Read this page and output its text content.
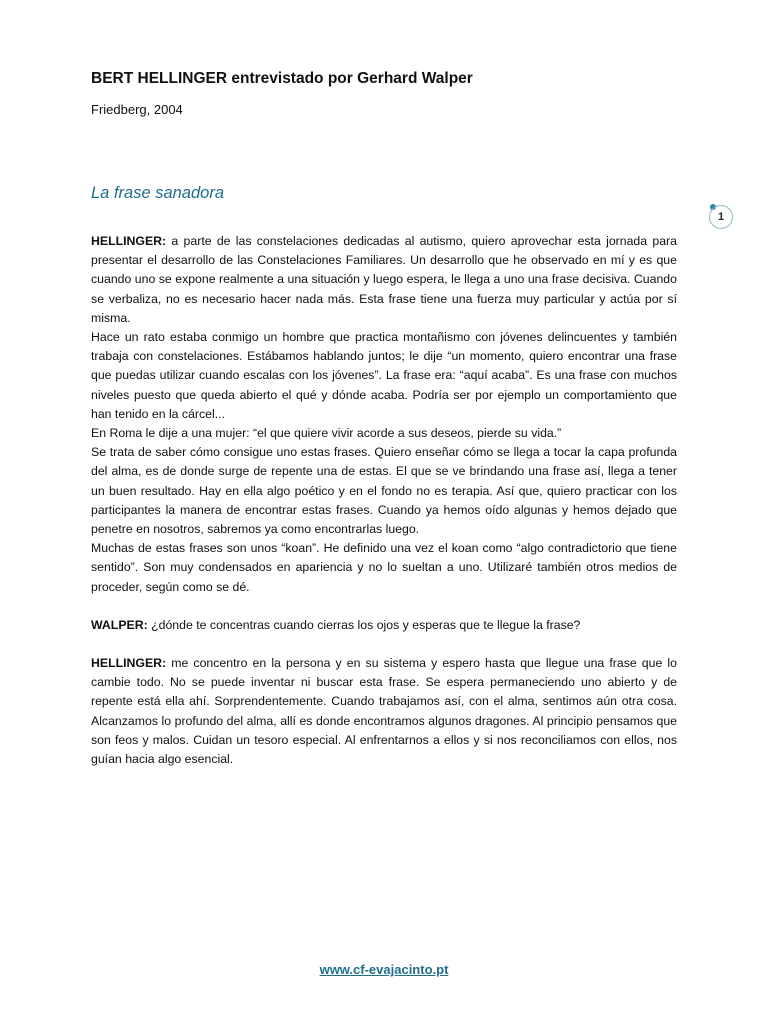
BERT HELLINGER entrevistado por Gerhard Walper
Friedberg, 2004
La frase sanadora
1

HELLINGER: a parte de las constelaciones dedicadas al autismo, quiero aprovechar esta jornada para presentar el desarrollo de las Constelaciones Familiares. Un desarrollo que he observado en mí y es que cuando uno se expone realmente a una situación y luego espera, le llega a uno una frase decisiva. Cuando se verbaliza, no es necesario hacer nada más. Esta frase tiene una fuerza muy particular y actúa por sí misma.

Hace un rato estaba conmigo un hombre que practica montañismo con jóvenes delincuentes y también trabaja con constelaciones. Estábamos hablando juntos; le dije “un momento, quiero encontrar una frase que puedas utilizar cuando escalas con los jóvenes”. La frase era: “aquí acaba”. Es una frase con muchos niveles puesto que queda abierto el qué y dónde acaba. Podría ser por ejemplo un comportamiento que han tenido en la cárcel...

En Roma le dije a una mujer: “el que quiere vivir acorde a sus deseos, pierde su vida.”

Se trata de saber cómo consigue uno estas frases. Quiero enseñar cómo se llega a tocar la capa profunda del alma, es de donde surge de repente una de estas. El que se ve brindando una frase así, llega a tener un buen resultado. Hay en ella algo poético y en el fondo no es terapia. Así que, quiero practicar con los participantes la manera de encontrar estas frases. Cuando ya hemos oído algunas y hemos dejado que penetre en nosotros, sabremos ya como encontrarlas luego.

Muchas de estas frases son unos “koan”. He definido una vez el koan como “algo contradictorio que tiene sentido”. Son muy condensados en apariencia y no lo sueltan a uno. Utilizaré también otros medios de proceder, según como se dé.

WALPER: ¿dónde te concentras cuando cierras los ojos y esperas que te llegue la frase?

HELLINGER: me concentro en la persona y en su sistema y espero hasta que llegue una frase que lo cambie todo. No se puede inventar ni buscar esta frase. Se espera permaneciendo uno abierto y de repente está ella ahí. Sorprendentemente. Cuando trabajamos así, con el alma, sentimos aún otra cosa. Alcanzamos lo profundo del alma, allí es donde encontramos algunos dragones. Al principio pensamos que son feos y malos. Cuidan un tesoro especial. Al enfrentarnos a ellos y si nos reconciliamos con ellos, nos guían hacia algo esencial.

www.cf-evajacinto.pt
